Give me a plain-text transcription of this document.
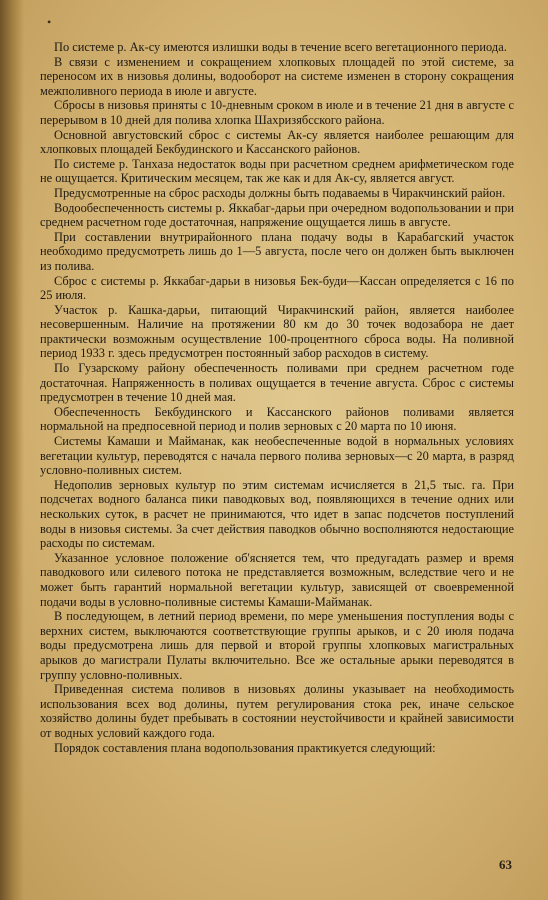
•

По системе р. Ак-су имеются излишки воды в течение всего вегетационного периода.

В связи с изменением и сокращением хлопковых площадей по этой системе, за переносом их в низовья долины, водооборот на системе изменен в сторону сокращения межполивного периода в июле и августе.

Сбросы в низовья приняты с 10-дневным сроком в июле и в течение 21 дня в августе с перерывом в 10 дней для полива хлопка Шахризябсского района.

Основной августовский сброс с системы Ак-су является наиболее решающим для хлопковых площадей Бекбудинского и Кассанского районов.

По системе р. Танхаза недостаток воды при расчетном среднем арифметическом годе не ощущается. Критическим месяцем, так же как и для Ак-су, является август.

Предусмотренные на сброс расходы должны быть подаваемы в Чиракчинский район.

Водообеспеченность системы р. Яккабаг-дарьи при очередном водопользовании и при среднем расчетном годе достаточная, напряжение ощущается лишь в августе.

При составлении внутрирайонного плана подачу воды в Карабагский участок необходимо предусмотреть лишь до 1—5 августа, после чего он должен быть выключен из полива.

Сброс с системы р. Яккабаг-дарьи в низовья Бек-буди—Кассан определяется с 16 по 25 июля.

Участок р. Кашка-дарьи, питающий Чиракчинский район, является наиболее несовершенным. Наличие на протяжении 80 км до 30 точек водозабора не дает практически возможным осуществление 100-процентного сброса воды. На поливной период 1933 г. здесь предусмотрен постоянный забор расходов в систему.

По Гузарскому району обеспеченность поливами при среднем расчетном годе достаточная. Напряженность в поливах ощущается в течение августа. Сброс с системы предусмотрен в течение 10 дней мая.

Обеспеченность Бекбудинского и Кассанского районов поливами является нормальной на предпосевной период и полив зерновых с 20 марта по 10 июня.

Системы Камаши и Майманак, как необеспеченные водой в нормальных условиях вегетации культур, переводятся с начала первого полива зерновых—с 20 марта, в разряд условно-поливных систем.

Недополив зерновых культур по этим системам исчисляется в 21,5 тыс. га. При подсчетах водного баланса пики паводковых вод, появляющихся в течение одних или нескольких суток, в расчет не принимаются, что идет в запас подсчетов поступлений воды в низовья системы. За счет действия паводков обычно восполняются недостающие расходы по системам.

Указанное условное положение об'ясняется тем, что предугадать размер и время паводкового или силевого потока не представляется возможным, вследствие чего и не может быть гарантий нормальной вегетации культур, зависящей от своевременной подачи воды в условно-поливные системы Камаши-Майманак.

В последующем, в летний период времени, по мере уменьшения поступления воды с верхних систем, выключаются соответствующие группы арыков, и с 20 июля подача воды предусмотрена лишь для первой и второй группы хлопковых магистральных арыков до магистрали Пулаты включительно. Все же остальные арыки переводятся в группу условно-поливных.

Приведенная система поливов в низовьях долины указывает на необходимость использования всех вод долины, путем регулирования стока рек, иначе сельское хозяйство долины будет пребывать в состоянии неустойчивости и крайней зависимости от водных условий каждого года.

Порядок составления плана водопользования практикуется следующий:

63
